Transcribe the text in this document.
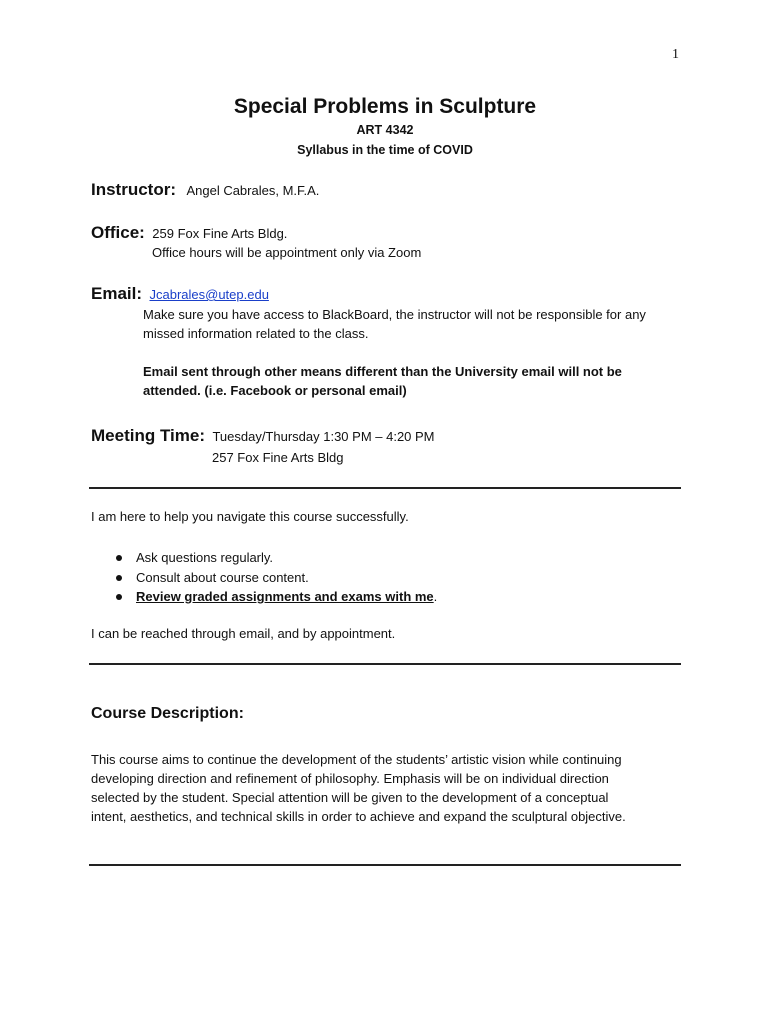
1
Special Problems in Sculpture
ART 4342
Syllabus in the time of COVID
Instructor: Angel Cabrales, M.F.A.
Office: 259 Fox Fine Arts Bldg.
Office hours will be appointment only via Zoom
Email: Jcabrales@utep.edu
Make sure you have access to BlackBoard, the instructor will not be responsible for any
missed information related to the class.
Email sent through other means different than the University email will not be
attended. (i.e. Facebook or personal email)
Meeting Time: Tuesday/Thursday 1:30 PM – 4:20 PM
257 Fox Fine Arts Bldg
I am here to help you navigate this course successfully.
Ask questions regularly.
Consult about course content.
Review graded assignments and exams with me.
I can be reached through email, and by appointment.
Course Description:
This course aims to continue the development of the students’ artistic vision while continuing
developing direction and refinement of philosophy. Emphasis will be on individual direction
selected by the student. Special attention will be given to the development of a conceptual
intent, aesthetics, and technical skills in order to achieve and expand the sculptural objective.
